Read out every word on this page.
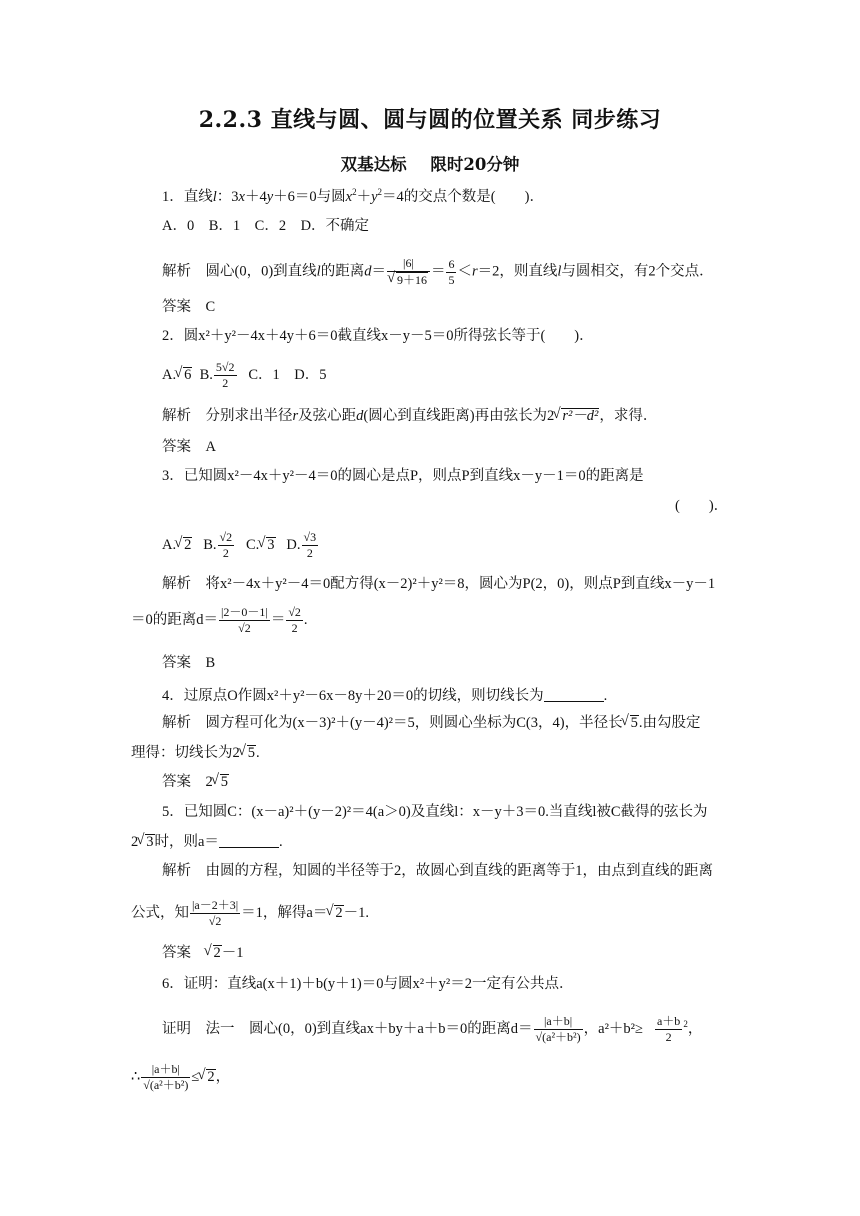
2.2.3 直线与圆、圆与圆的位置关系 同步练习
双基达标 限时20分钟
1．直线l：3x＋4y＋6＝0与圆$x^2+y^2=4$的交点个数是(　　)．
A．0　B．1　C．2　D．不确定
解析　圆心(0，0)到直线l的距离d＝ |6|
√ $9+16 = \frac{6}{5} <r=2$，则直线l与圆相交，有2个交点．
答案　C
2．圆x²＋y²－4x＋4y＋6＝0截直线x－y－5＝0所得弦长等于(　　)．
A.√ 6 B. $\frac{5√2}{2}$ C．1　D．5
解析　分别求出半径r及弦心距d(圆心到直线距离)再由弦长为2√ r²－d²，求得．
答案　A
3．已知圆x²－4x＋y²－4＝0的圆心是点P，则点P到直线x－y－1＝0的距离是
(　　)．
A.√ 2 B. $\frac{√2}{2} C.√$ 3 D. $\frac{√3}{2}$
解析　将x²－4x＋y²－4＝0配方得(x－2)²＋y²＝8，圆心为P(2，0)，则点P到直线x－y－1
＝0的距离$d= \frac{|2-0-1|}{√2} = \frac{√2}{2}$ .
答案　B
4．过原点O作圆x²＋y²－6x－8y＋20＝0的切线，则切线长为	.
解析　圆方程可化为(x－3)²＋(y－4)²＝5，则圆心坐标为C(3，4)，半径长√ 5.由勾股定
理得：切线长为2√ 5.
答案　2√ 5
5．已知圆C：(x－a)²＋(y－2)²＝4(a＞0)及直线l：x－y＋3＝0.当直线l被C截得的弦长为
2√ 3时，则a＝	.
解析　由圆的方程，知圆的半径等于2，故圆心到直线的距离等于1，由点到直线的距离
公式，知 $\frac{|a-2+3|}{√2} =1$，解得a＝√ 2－1.
答案　√ 2－1
6．证明：直线a(x＋1)＋b(y＋1)＝0与圆x²＋y²＝2一定有公共点．
证明　法一　圆心(0，0)到直线ax＋by＋a＋b＝0的距离$d= \frac{|a+b|}{\text{√(a²＋b²)}}$ ，$a^2+b^2\ge \frac{a+b}{2} ^2$，
∴ $\frac{|a+b|}{\text{√(a²＋b²)}}$ ≤√ 2，
